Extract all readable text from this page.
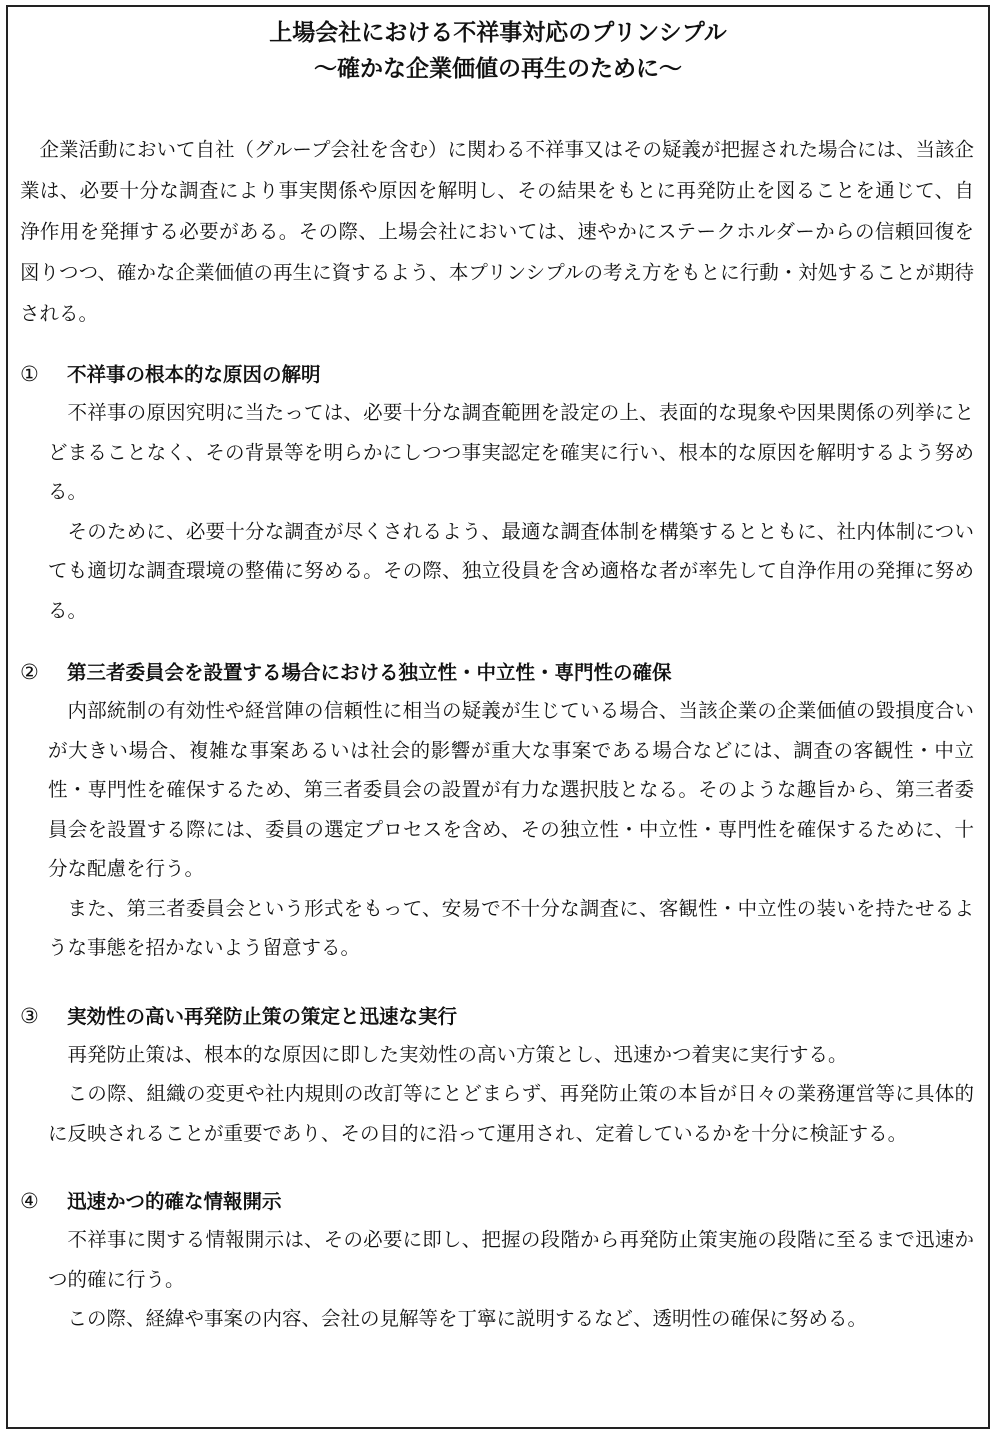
上場会社における不祥事対応のプリンシプル
〜確かな企業価値の再生のために〜

企業活動において自社（グループ会社を含む）に関わる不祥事又はその疑義が把握された場合には、当該企業は、必要十分な調査により事実関係や原因を解明し、その結果をもとに再発防止を図ることを通じて、自浄作用を発揮する必要がある。その際、上場会社においては、速やかにステークホルダーからの信頼回復を図りつつ、確かな企業価値の再生に資するよう、本プリンシプルの考え方をもとに行動・対処することが期待される。

①	不祥事の根本的な原因の解明

不祥事の原因究明に当たっては、必要十分な調査範囲を設定の上、表面的な現象や因果関係の列挙にとどまることなく、その背景等を明らかにしつつ事実認定を確実に行い、根本的な原因を解明するよう努める。

そのために、必要十分な調査が尽くされるよう、最適な調査体制を構築するとともに、社内体制についても適切な調査環境の整備に努める。その際、独立役員を含め適格な者が率先して自浄作用の発揮に努める。

②	第三者委員会を設置する場合における独立性・中立性・専門性の確保

内部統制の有効性や経営陣の信頼性に相当の疑義が生じている場合、当該企業の企業価値の毀損度合いが大きい場合、複雑な事案あるいは社会的影響が重大な事案である場合などには、調査の客観性・中立性・専門性を確保するため、第三者委員会の設置が有力な選択肢となる。そのような趣旨から、第三者委員会を設置する際には、委員の選定プロセスを含め、その独立性・中立性・専門性を確保するために、十分な配慮を行う。

また、第三者委員会という形式をもって、安易で不十分な調査に、客観性・中立性の装いを持たせるような事態を招かないよう留意する。

③	実効性の高い再発防止策の策定と迅速な実行

再発防止策は、根本的な原因に即した実効性の高い方策とし、迅速かつ着実に実行する。

この際、組織の変更や社内規則の改訂等にとどまらず、再発防止策の本旨が日々の業務運営等に具体的に反映されることが重要であり、その目的に沿って運用され、定着しているかを十分に検証する。

④	迅速かつ的確な情報開示

不祥事に関する情報開示は、その必要に即し、把握の段階から再発防止策実施の段階に至るまで迅速かつ的確に行う。

この際、経緯や事案の内容、会社の見解等を丁寧に説明するなど、透明性の確保に努める。
